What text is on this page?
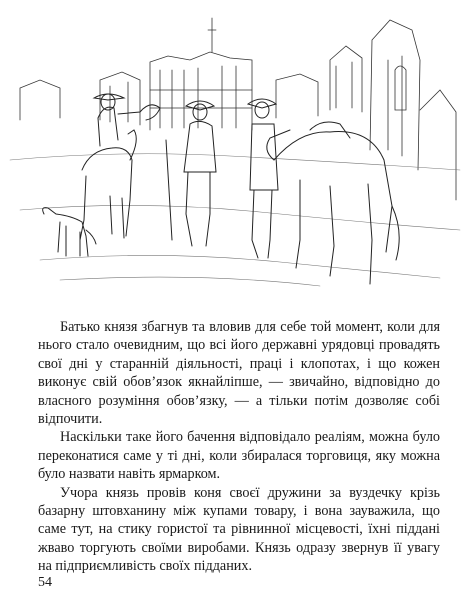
Батько князя збагнув та вловив для себе той момент, коли для нього стало очевидним, що всі його державні урядовці провадять свої дні у старанній діяльності, праці і клопотах, і що кожен виконує свій обов’язок якнайліпше, — звичайно, відповідно до власного розуміння обов’язку, — а тільки потім дозволяє собі відпочити.

Наскільки таке його бачення відповідало реаліям, можна було переконатися саме у ті дні, коли збиралася торговиця, яку можна було назвати навіть ярмарком.

Учора князь провів коня своєї дружини за вуздечку крізь базарну штовханину між купами товару, і вона зауважила, що саме тут, на стику гористої та рівнинної місцевості, їхні піддані жваво торгують своїми виробами. Князь одразу звернув її увагу на підприємливість своїх підданих.

54
